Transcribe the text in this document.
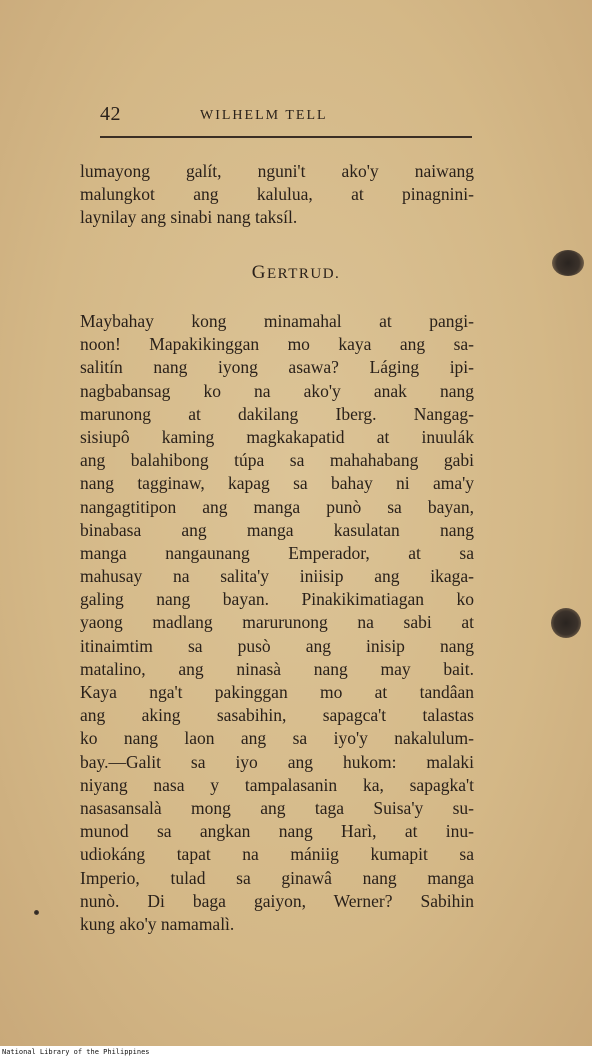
42	WILHELM TELL
lumayong galít, nguni't ako'y naiwang
malungkot ang kalulua, at pinagnini-
laynilay ang sinabi nang taksíl.
GERTRUD.
Maybahay kong minamahal at pangi-
noon! Mapakikinggan mo kaya ang sa-
salitín nang iyong asawa? Láging ipi-
nagbabansag ko na ako'y anak nang
marunong at dakilang Iberg. Nangag-
sisiupô kaming magkakapatid at inuulák
ang balahibong túpa sa mahahabang gabi
nang tagginaw, kapag sa bahay ni ama'y
nangagtitipon ang manga punò sa bayan,
binabasa ang manga kasulatan nang
manga nangaunang Emperador, at sa
mahusay na salita'y iniisip ang ikaga-
galing nang bayan. Pinakikimatiagan ko
yaong madlang marurunong na sabi at
itinaimtim sa pusò ang inisip nang
matalino, ang ninasà nang may bait.
Kaya nga't pakinggan mo at tandâan
ang aking sasabihin, sapagca't talastas
ko nang laon ang sa iyo'y nakalulum-
bay.—Galit sa iyo ang hukom: malaki
niyang nasa y tampalasanin ka, sapagka't
nasasansalà mong ang taga Suisa'y su-
munod sa angkan nang Harì, at inu-
udiokáng tapat na mániig kumapit sa
Imperio, tulad sa ginawâ nang manga
nunò. Di baga gaiyon, Werner? Sabihin
kung ako'y namamalì.
National Library of the Philippines
